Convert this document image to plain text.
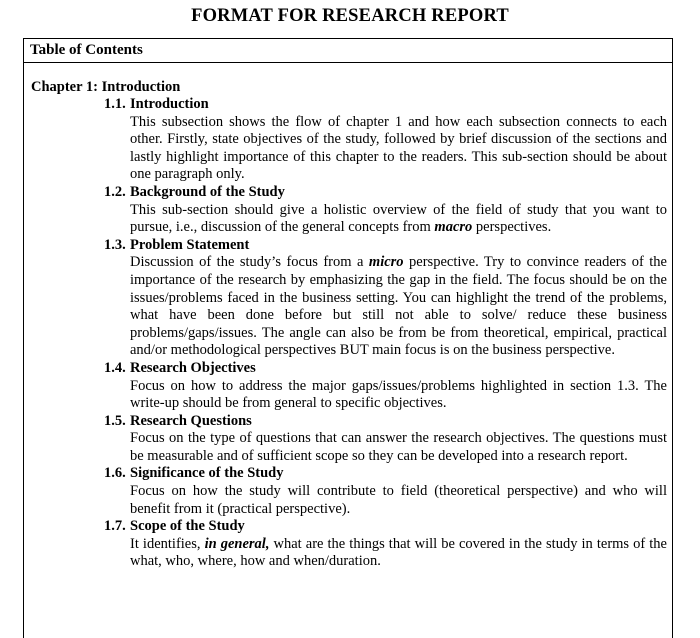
FORMAT FOR RESEARCH REPORT
Table of Contents
Chapter 1: Introduction
1.1. Introduction
This subsection shows the flow of chapter 1 and how each subsection connects to each other. Firstly, state objectives of the study, followed by brief discussion of the sections and lastly highlight importance of this chapter to the readers. This sub-section should be about one paragraph only.
1.2. Background of the Study
This sub-section should give a holistic overview of the field of study that you want to pursue, i.e., discussion of the general concepts from macro perspectives.
1.3. Problem Statement
Discussion of the study’s focus from a micro perspective. Try to convince readers of the importance of the research by emphasizing the gap in the field. The focus should be on the issues/problems faced in the business setting. You can highlight the trend of the problems, what have been done before but still not able to solve/ reduce these business problems/gaps/issues. The angle can also be from be from theoretical, empirical, practical and/or methodological perspectives BUT main focus is on the business perspective.
1.4. Research Objectives
Focus on how to address the major gaps/issues/problems highlighted in section 1.3. The write-up should be from general to specific objectives.
1.5. Research Questions
Focus on the type of questions that can answer the research objectives. The questions must be measurable and of sufficient scope so they can be developed into a research report.
1.6. Significance of the Study
Focus on how the study will contribute to field (theoretical perspective) and who will benefit from it (practical perspective).
1.7. Scope of the Study
It identifies, in general, what are the things that will be covered in the study in terms of the what, who, where, how and when/duration.
